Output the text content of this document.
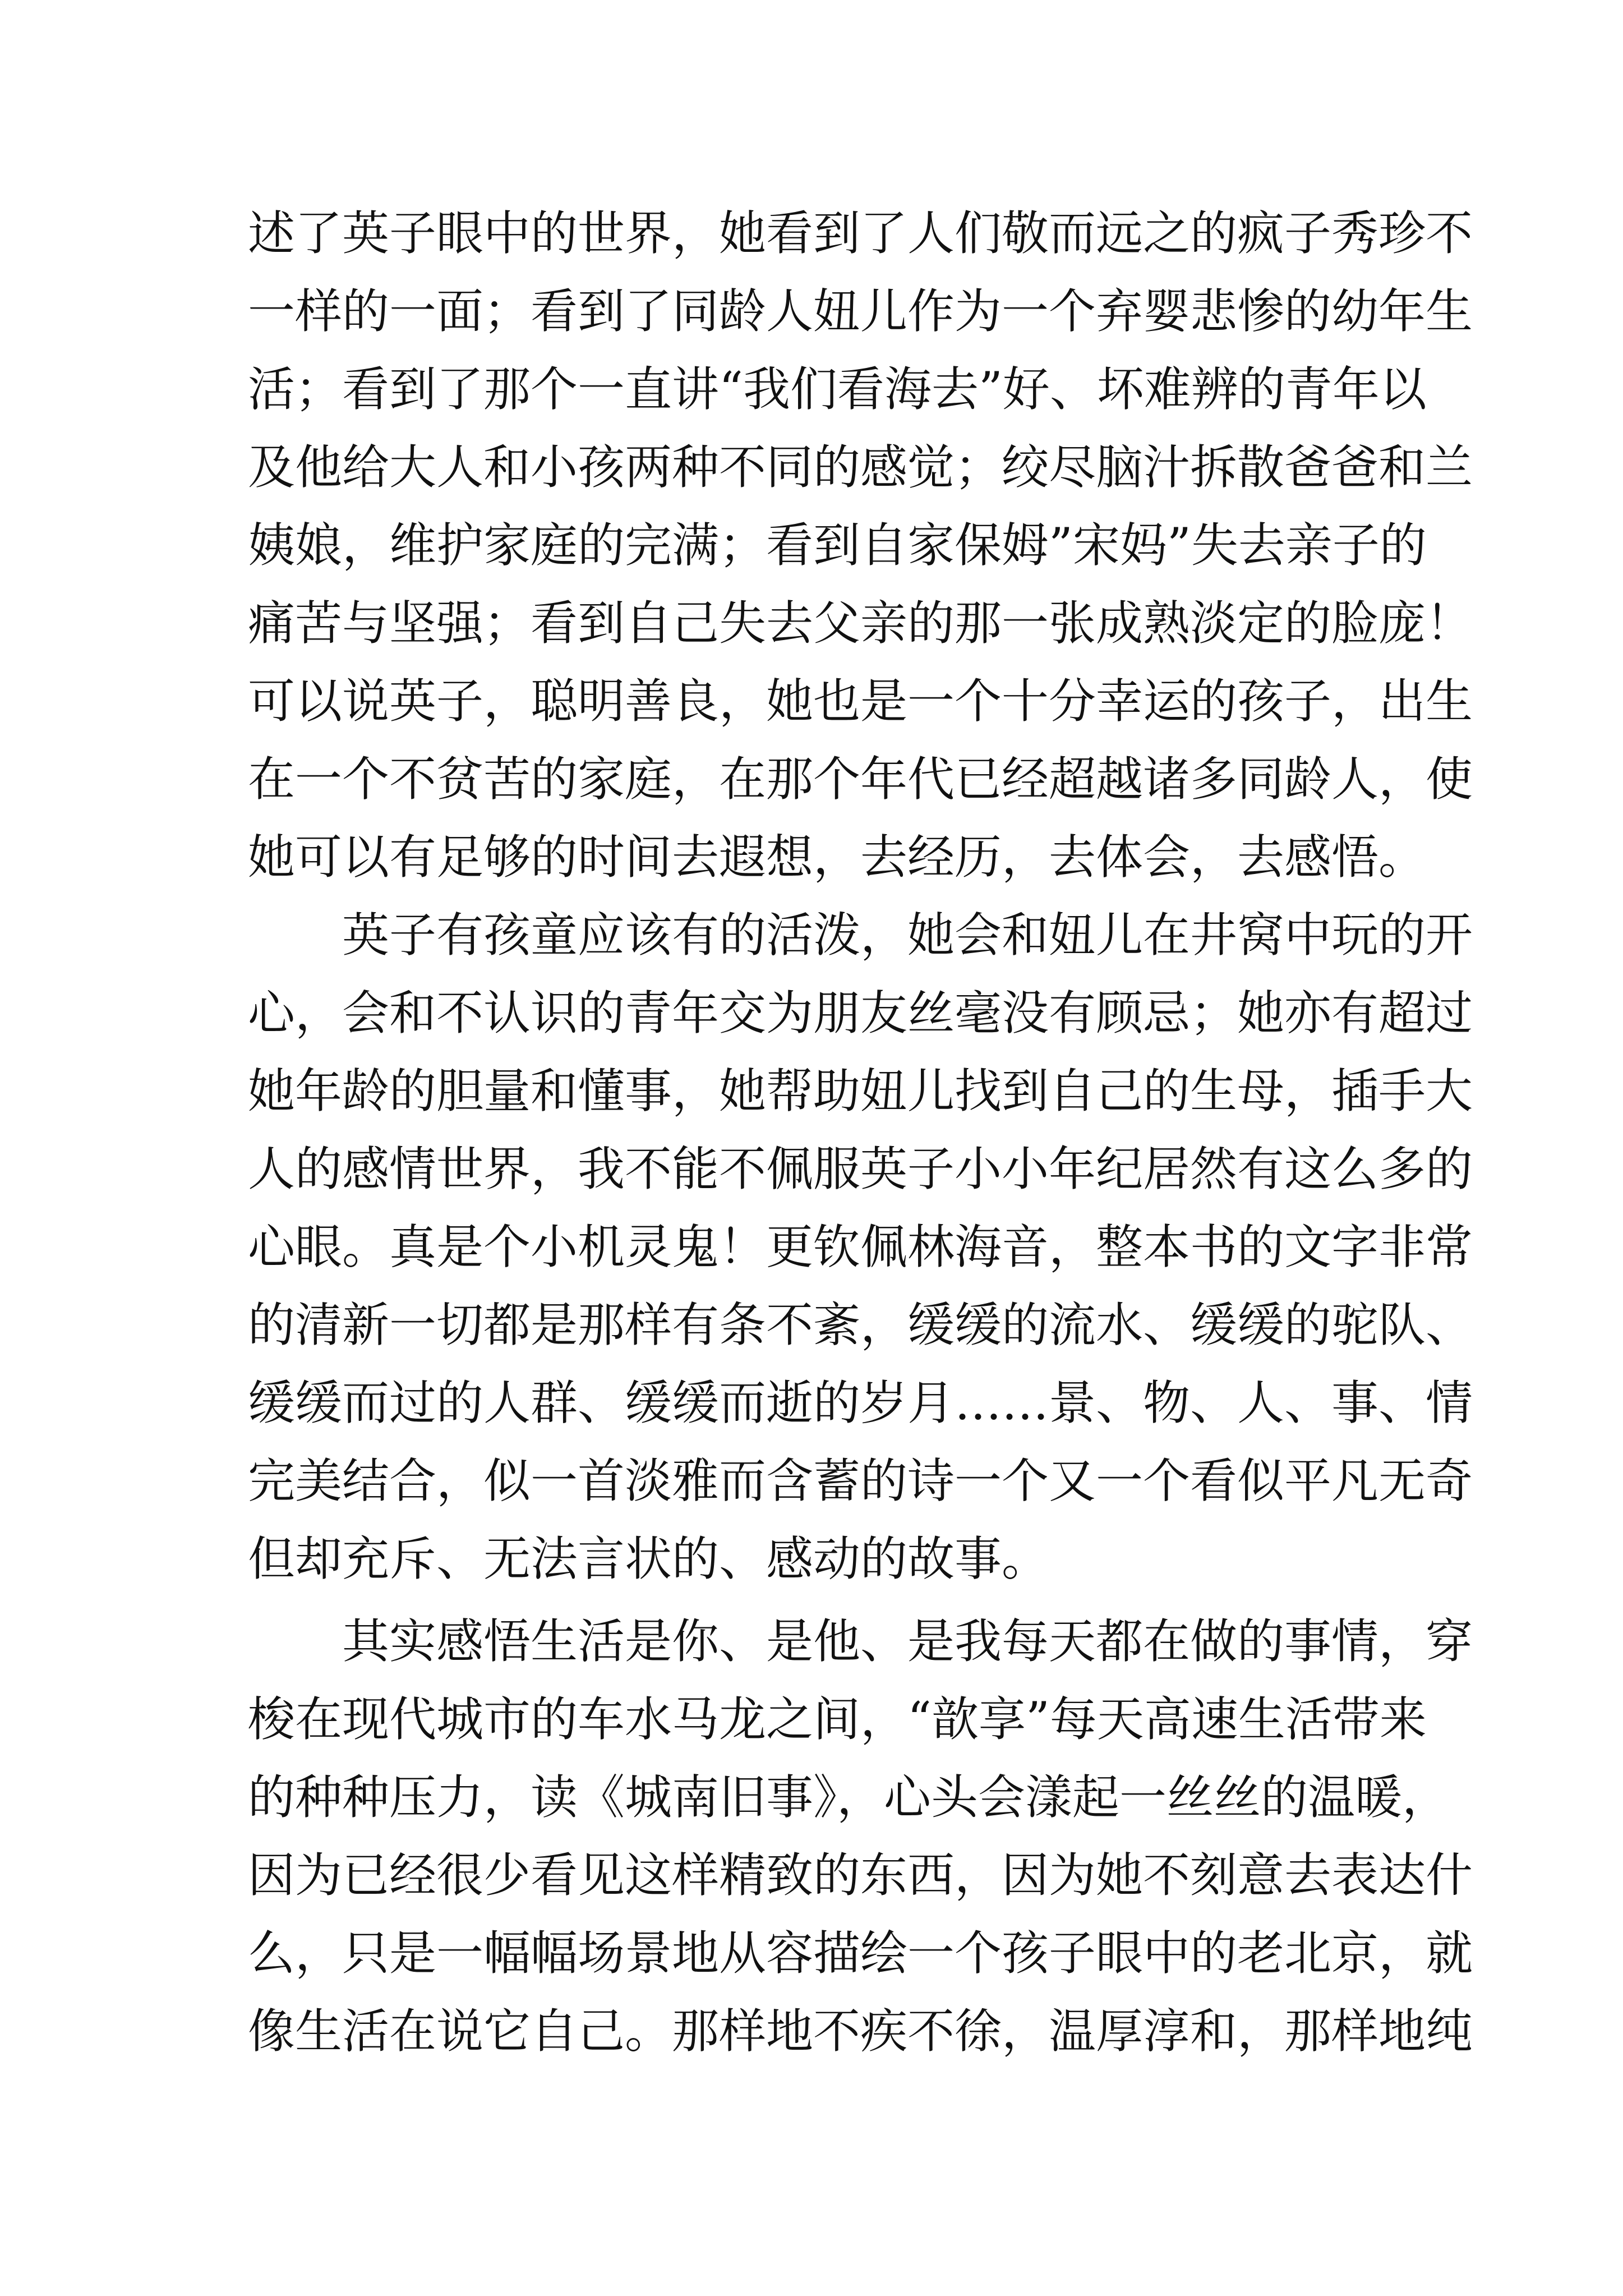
述了英子眼中的世界，她看到了人们敬而远之的疯子秀珍不
一样的一面；看到了同龄人妞儿作为一个弃婴悲惨的幼年生
活；看到了那个一直讲“我们看海去”好、坏难辨的青年以
及他给大人和小孩两种不同的感觉；绞尽脑汁拆散爸爸和兰
姨娘，维护家庭的完满；看到自家保姆”宋妈”失去亲子的
痛苦与坚强；看到自己失去父亲的那一张成熟淡定的脸庞！
可以说英子，聪明善良，她也是一个十分幸运的孩子，出生
在一个不贫苦的家庭，在那个年代已经超越诸多同龄人，使
她可以有足够的时间去遐想，去经历，去体会，去感悟。
　　英子有孩童应该有的活泼，她会和妞儿在井窝中玩的开
心，会和不认识的青年交为朋友丝毫没有顾忌；她亦有超过
她年龄的胆量和懂事，她帮助妞儿找到自己的生母，插手大
人的感情世界，我不能不佩服英子小小年纪居然有这么多的
心眼。真是个小机灵鬼！更钦佩林海音，整本书的文字非常
的清新一切都是那样有条不紊，缓缓的流水、缓缓的驼队、
缓缓而过的人群、缓缓而逝的岁月……景、物、人、事、情
完美结合，似一首淡雅而含蓄的诗一个又一个看似平凡无奇
但却充斥、无法言状的、感动的故事。
　　其实感悟生活是你、是他、是我每天都在做的事情，穿
梭在现代城市的车水马龙之间，“歆享”每天高速生活带来
的种种压力，读《城南旧事》，心头会漾起一丝丝的温暖，
因为已经很少看见这样精致的东西，因为她不刻意去表达什
么，只是一幅幅场景地从容描绘一个孩子眼中的老北京，就
像生活在说它自己。那样地不疾不徐，温厚淳和，那样地纯
